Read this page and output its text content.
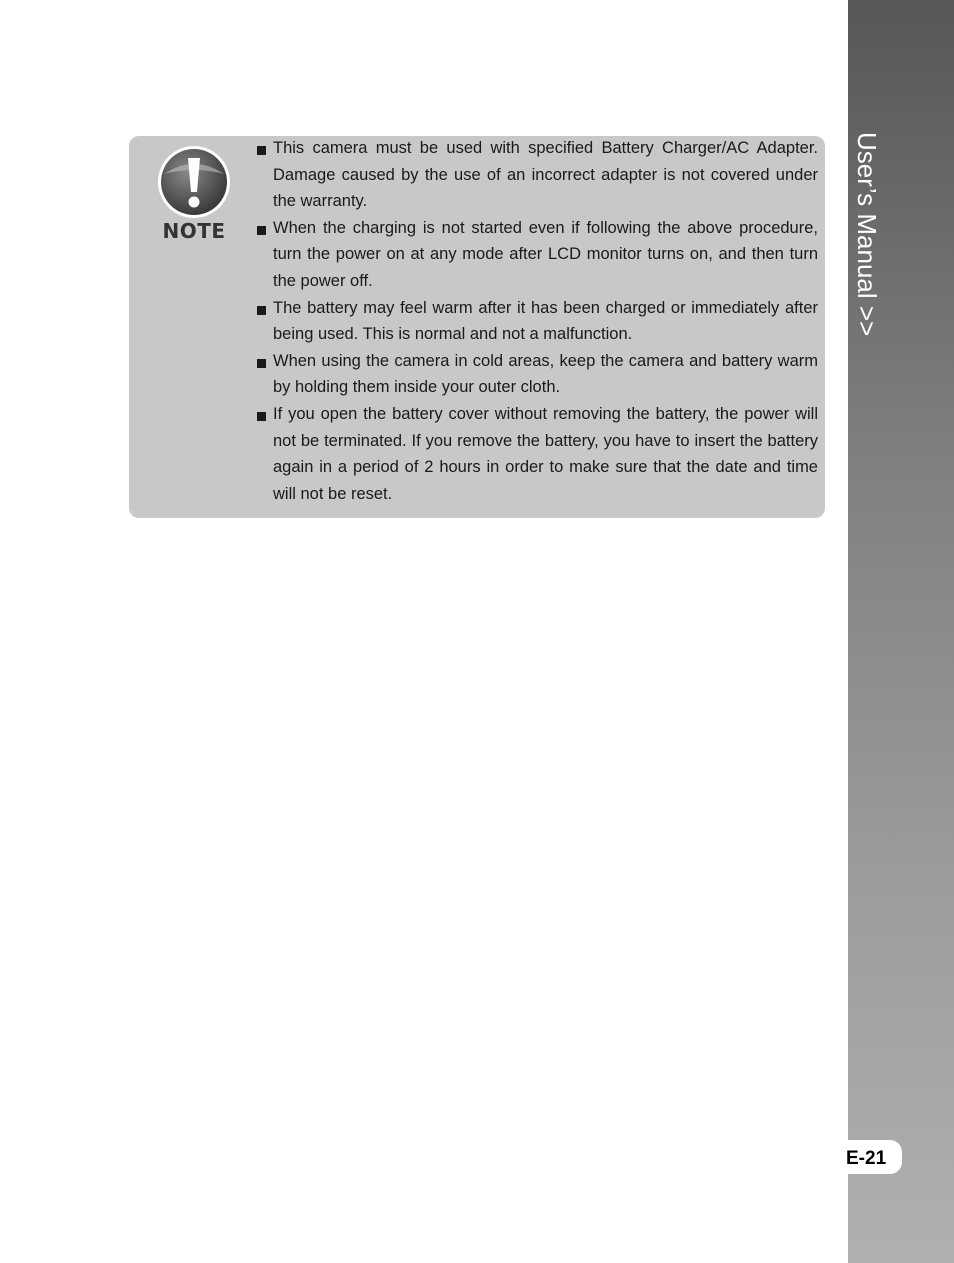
User’s Manual >>
E-21
NOTE
This camera must be used with specified Battery Charger/AC Adapter. Damage caused by the use of an incorrect adapter is not covered under the warranty.
When the charging is not started even if following the above procedure, turn the power on at any mode after LCD monitor turns on, and then turn the power off.
The battery may feel warm after it has been charged or immediately after being used. This is normal and not a malfunction.
When using the camera in cold areas, keep the camera and battery warm by holding them inside your outer cloth.
If you open the battery cover without removing the battery, the power will not be terminated. If you remove the battery, you have to insert the battery again in a period of 2 hours in order to make sure that the date and time will not be reset.
